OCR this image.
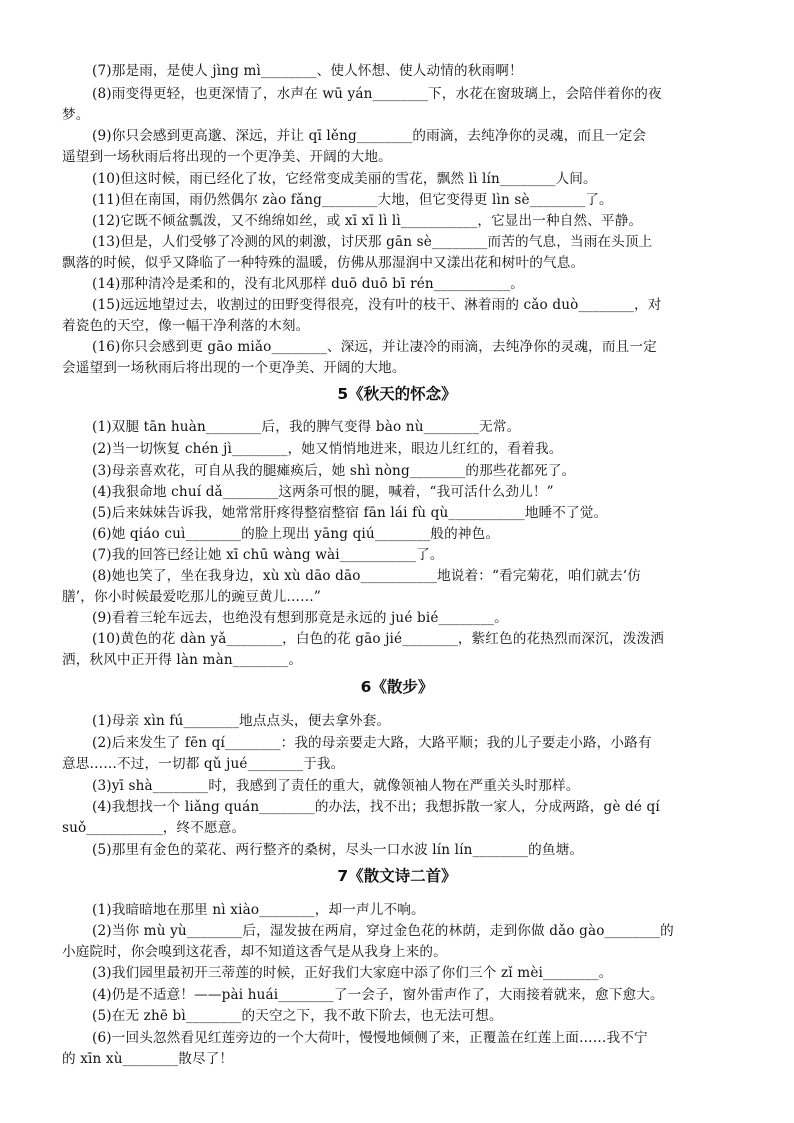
(7)那是雨，是使人 jìng mì________、使人怀想、使人动情的秋雨啊！
(8)雨变得更轻，也更深情了，水声在 wū yán________下，水花在窗玻璃上，会陪伴着你的夜
梦。
(9)你只会感到更高邈、深远，并让 qī lěng________的雨滴，去纯净你的灵魂，而且一定会
遥望到一场秋雨后将出现的一个更净美、开阔的大地。
(10)但这时候，雨已经化了妆，它经常变成美丽的雪花，飘然 lì lín________人间。
(11)但在南国，雨仍然偶尔 zào fǎng________大地，但它变得更 lìn sè________了。
(12)它既不倾盆瓢泼，又不绵绵如丝，或 xī xī lì lì___________，它显出一种自然、平静。
(13)但是，人们受够了冷测的风的刺激，讨厌那 gān sè________而苦的气息，当雨在头顶上
飘落的时候，似乎又降临了一种特殊的温暖，仿佛从那湿润中又漾出花和树叶的气息。
(14)那种清冷是柔和的，没有北风那样 duō duō bī rén___________。
(15)远远地望过去，收割过的田野变得很亮，没有叶的枝干、淋着雨的 cǎo duò________，对
着瓷色的天空，像一幅干净利落的木刻。
(16)你只会感到更 gāo miǎo________、深远，并让凄冷的雨滴，去纯净你的灵魂，而且一定
会遥望到一场秋雨后将出现的一个更净美、开阔的大地。
5《秋天的怀念》
(1)双腿 tān huàn________后，我的脾气变得 bào nù________无常。
(2)当一切恢复 chén jì________，她又悄悄地进来，眼边儿红红的，看着我。
(3)母亲喜欢花，可自从我的腿瘫痪后，她 shì nòng________的那些花都死了。
(4)我狠命地 chuí dǎ________这两条可恨的腿，喊着，“我可活什么劲儿！”
(5)后来妹妹告诉我，她常常肝疼得整宿整宿 fān lái fù qù___________地睡不了觉。
(6)她 qiáo cuì________的脸上现出 yāng qiú________般的神色。
(7)我的回答已经让她 xī chū wàng wài___________了。
(8)她也笑了，坐在我身边，xù xù dāo dāo___________地说着：“看完菊花，咱们就去‘仿
膳’，你小时候最爱吃那儿的豌豆黄儿……”
(9)看着三轮车远去，也绝没有想到那竟是永远的 jué bié________。
(10)黄色的花 dàn yǎ________，白色的花 gāo jié________，紫红色的花热烈而深沉，泼泼洒
洒，秋风中正开得 làn màn________。
6《散步》
(1)母亲 xìn fú________地点点头，便去拿外套。
(2)后来发生了 fēn qí________：我的母亲要走大路，大路平顺；我的儿子要走小路，小路有
意思……不过，一切都 qǔ jué________于我。
(3)yī shà________时，我感到了责任的重大，就像领袖人物在严重关头时那样。
(4)我想找一个 liǎng quán________的办法，找不出；我想拆散一家人，分成两路，gè dé qí
suǒ___________，终不愿意。
(5)那里有金色的菜花、两行整齐的桑树，尽头一口水波 lín lín________的鱼塘。
7《散文诗二首》
(1)我暗暗地在那里 nì xiào________，却一声儿不响。
(2)当你 mù yù________后，湿发披在两肩，穿过金色花的林荫，走到你做 dǎo gào________的
小庭院时，你会嗅到这花香，却不知道这香气是从我身上来的。
(3)我们园里最初开三蒂莲的时候，正好我们大家庭中添了你们三个 zǐ mèi________。
(4)仍是不适意！——pài huái________了一会子，窗外雷声作了，大雨接着就来，愈下愈大。
(5)在无 zhē bì________的天空之下，我不敢下阶去，也无法可想。
(6)一回头忽然看见红莲旁边的一个大荷叶，慢慢地倾侧了来，正覆盖在红莲上面……我不宁
的 xīn xù________散尽了！
